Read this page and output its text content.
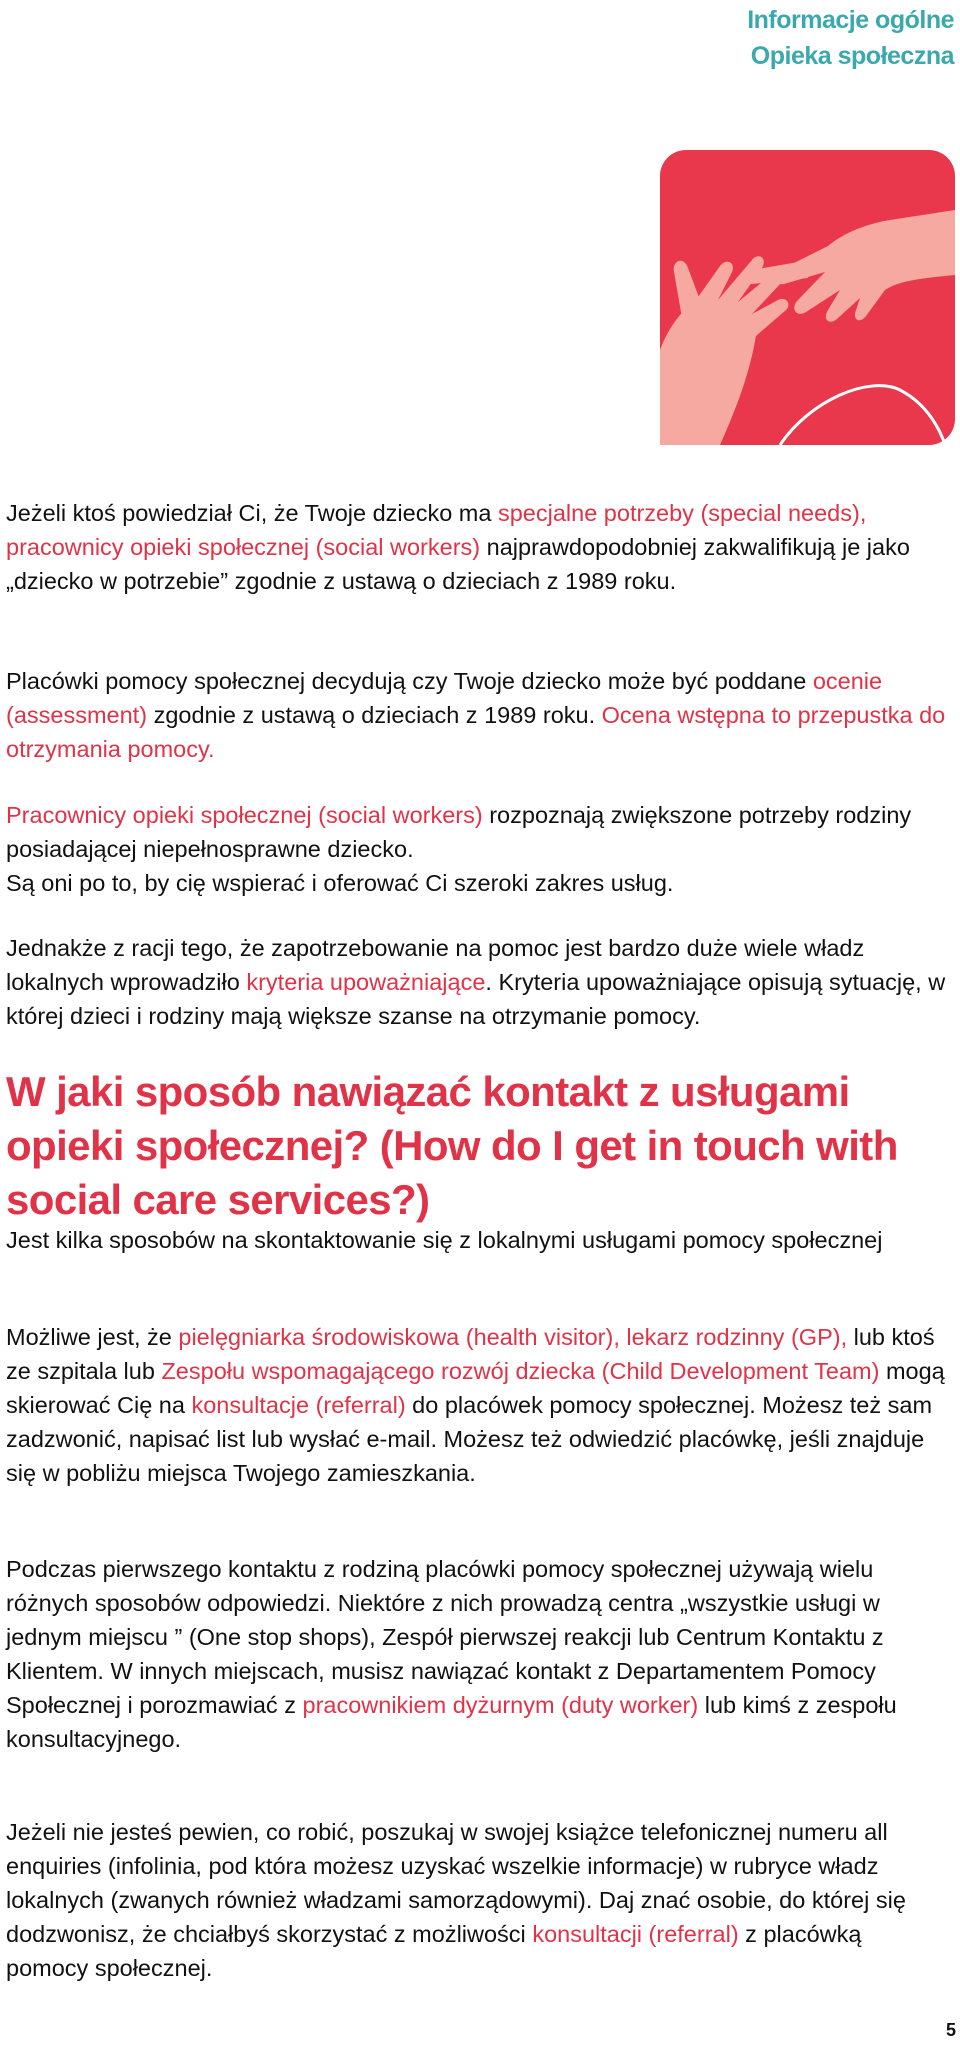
Informacje ogólne
Opieka społeczna

Jeżeli ktoś powiedział Ci, że Twoje dziecko ma specjalne potrzeby (special needs), pracownicy opieki społecznej (social workers) najprawdopodobniej zakwalifikują je jako „dziecko w potrzebie” zgodnie z ustawą o dzieciach z 1989 roku.

Placówki pomocy społecznej decydują czy Twoje dziecko może być poddane ocenie (assessment) zgodnie z ustawą o dzieciach z 1989 roku. Ocena wstępna to przepustka do otrzymania pomocy.

Pracownicy opieki społecznej (social workers) rozpoznają zwiększone potrzeby rodziny posiadającej niepełnosprawne dziecko.
Są oni po to, by cię wspierać i oferować Ci szeroki zakres usług.

Jednakże z racji tego, że zapotrzebowanie na pomoc jest bardzo duże wiele władz lokalnych wprowadziło kryteria upoważniające. Kryteria upoważniające opisują sytuację, w której dzieci i rodziny mają większe szanse na otrzymanie pomocy.

W jaki sposób nawiązać kontakt z usługami opieki społecznej? (How do I get in touch with social care services?)

Jest kilka sposobów na skontaktowanie się z lokalnymi usługami pomocy społecznej

Możliwe jest, że pielęgniarka środowiskowa (health visitor), lekarz rodzinny (GP), lub ktoś ze szpitala lub Zespołu wspomagającego rozwój dziecka (Child Development Team) mogą skierować Cię na konsultacje (referral) do placówek pomocy społecznej. Możesz też sam zadzwonić, napisać list lub wysłać e-mail. Możesz też odwiedzić placówkę, jeśli znajduje się w pobliżu miejsca Twojego zamieszkania.

Podczas pierwszego kontaktu z rodziną placówki pomocy społecznej używają wielu różnych sposobów odpowiedzi. Niektóre z nich prowadzą centra „wszystkie usługi w jednym miejscu ” (One stop shops), Zespół pierwszej reakcji lub Centrum Kontaktu z Klientem. W innych miejscach, musisz nawiązać kontakt z Departamentem Pomocy Społecznej i porozmawiać z pracownikiem dyżurnym (duty worker) lub kimś z zespołu konsultacyjnego.

Jeżeli nie jesteś pewien, co robić, poszukaj w swojej książce telefonicznej numeru all enquiries (infolinia, pod która możesz uzyskać wszelkie informacje) w rubryce władz lokalnych (zwanych również władzami samorządowymi). Daj znać osobie, do której się dodzwonisz, że chciałbyś skorzystać z możliwości konsultacji (referral) z placówką pomocy społecznej.

5
